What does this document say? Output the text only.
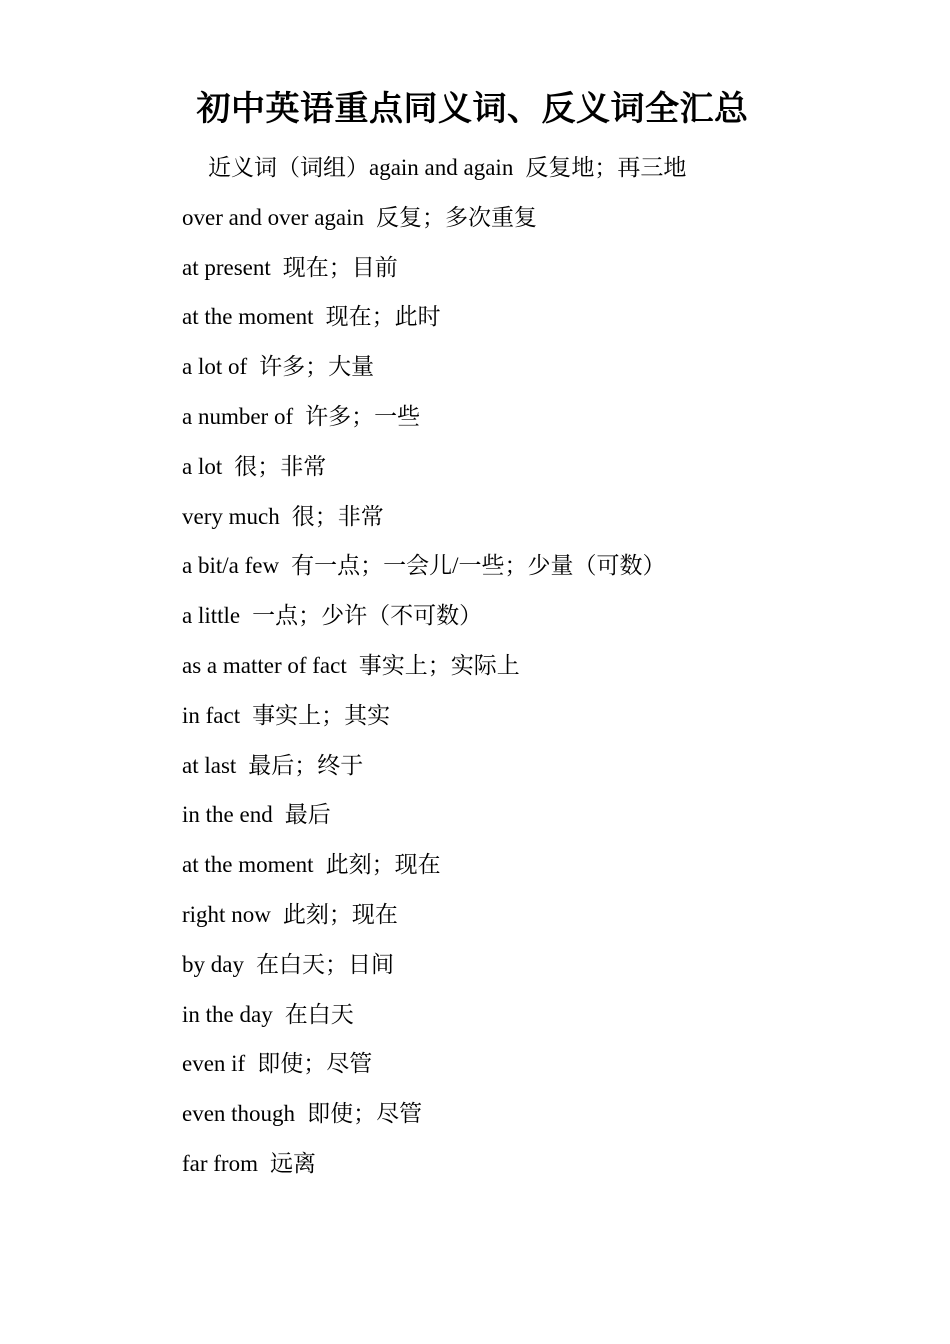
初中英语重点同义词、反义词全汇总
近义词（词组）again and again 反复地；再三地
over and over again 反复；多次重复
at present 现在；目前
at the moment 现在；此时
a lot of 许多；大量
a number of 许多；一些
a lot 很；非常
very much 很；非常
a bit/a few 有一点；一会儿/一些；少量（可数）
a little 一点；少许（不可数）
as a matter of fact 事实上；实际上
in fact 事实上；其实
at last 最后；终于
in the end 最后
at the moment 此刻；现在
right now 此刻；现在
by day 在白天；日间
in the day 在白天
even if 即使；尽管
even though 即使；尽管
far from 远离
